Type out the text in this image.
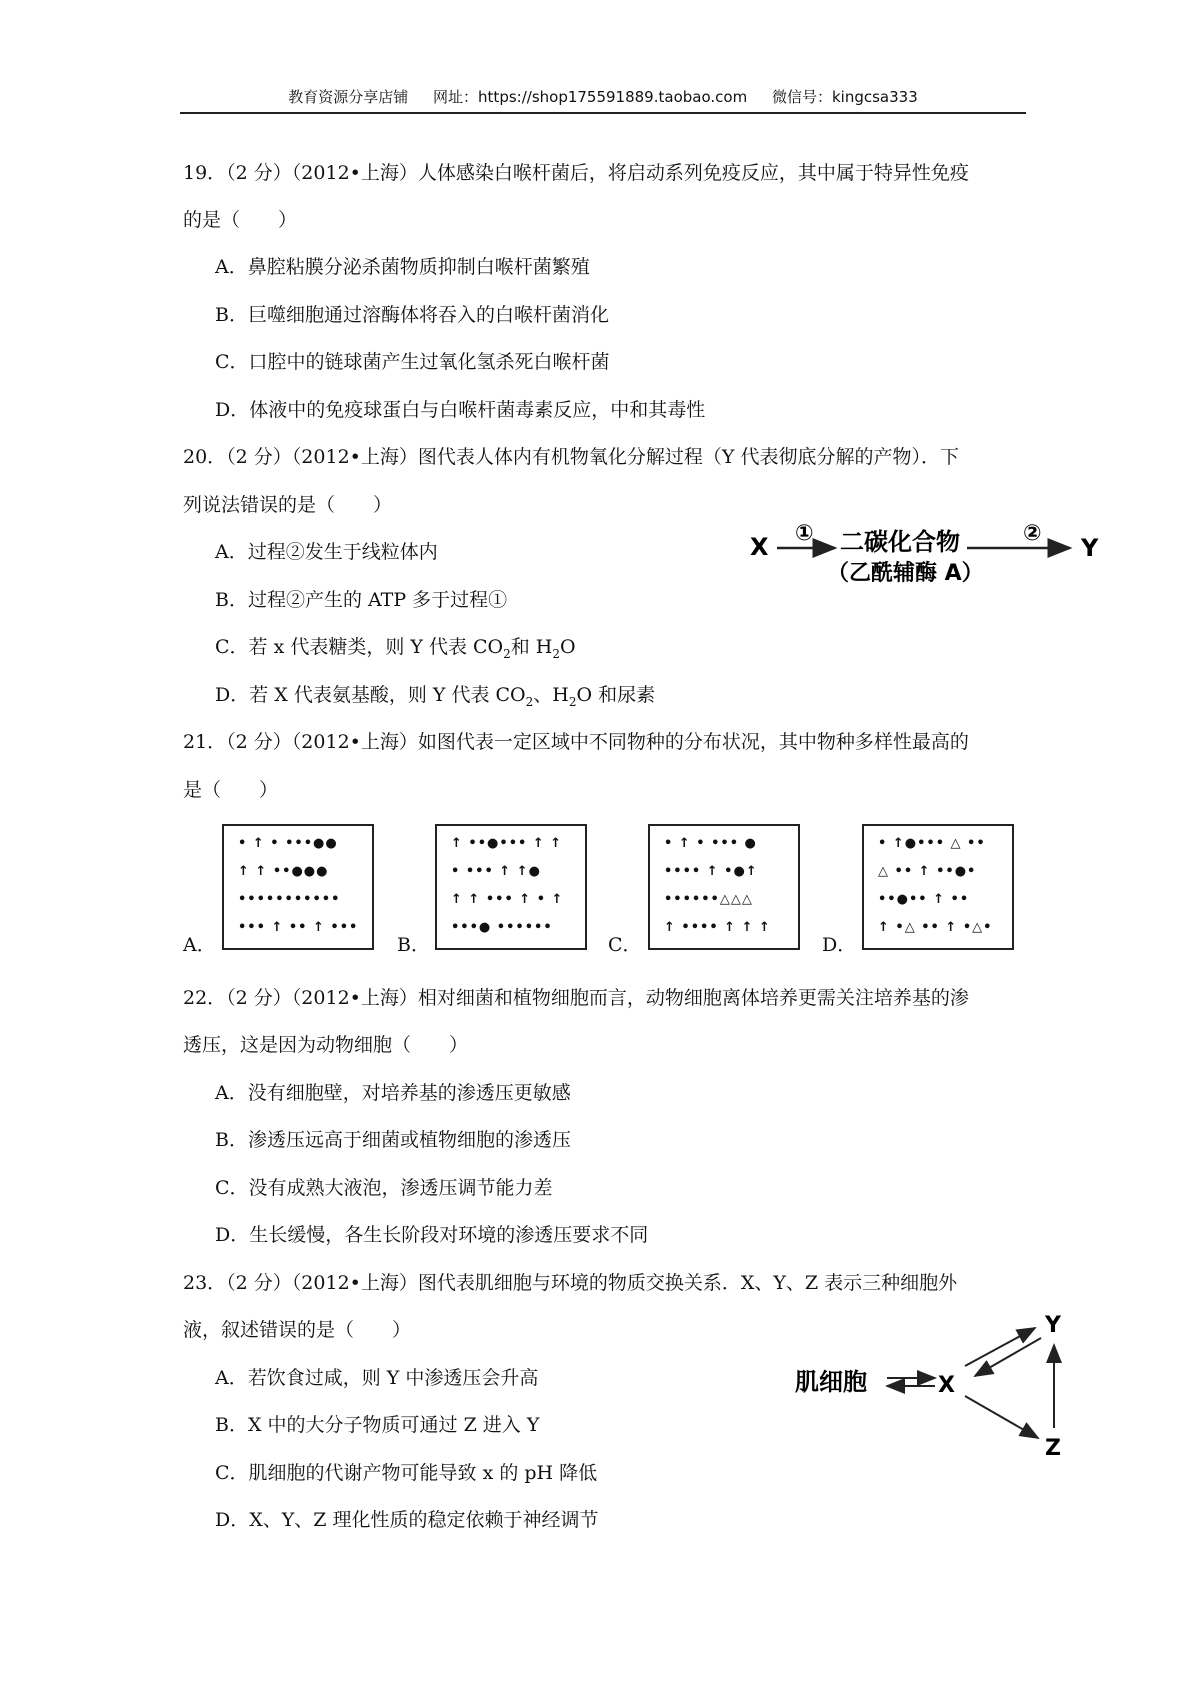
教育资源分享店铺 网址：https://shop175591889.taobao.com 微信号：kingcsa333
19．（2 分）（2012•上海）人体感染白喉杆菌后，将启动系列免疫反应，其中属于特异性免疫
的是（　　）
A．鼻腔粘膜分泌杀菌物质抑制白喉杆菌繁殖
B．巨噬细胞通过溶酶体将吞入的白喉杆菌消化
C．口腔中的链球菌产生过氧化氢杀死白喉杆菌
D．体液中的免疫球蛋白与白喉杆菌毒素反应，中和其毒性
20．（2 分）（2012•上海）图代表人体内有机物氧化分解过程（Y 代表彻底分解的产物）．下
列说法错误的是（　　）
A．过程②发生于线粒体内
B．过程②产生的 ATP 多于过程①
C．若 x 代表糖类，则 Y 代表 $CO_2$和 $H_2O$
D．若 X 代表氨基酸，则 Y 代表 $CO_2$、$H_2O$ 和尿素
X ① 二碳化合物
（乙酰辅酶 A）
②
Y
21．（2 分）（2012•上海）如图代表一定区域中不同物种的分布状况，其中物种多样性最高的
是（　　）
A．
• ↑ • •••●●
↑ ↑ ••●●●
•••••••••••
••• ↑ •• ↑ •••
B．
↑ ••●••• ↑ ↑
• ••• ↑ ↑●
↑ ↑ ••• ↑ • ↑
•••● ••••••
C．
• ↑ • ••• ●
•••• ↑ •●↑
••••••△△△
↑ •••• ↑ ↑ ↑
D．
• ↑●••• △ ••
△ •• ↑ ••●•
••●•• ↑ ••
↑ •△ •• ↑ •△•
22．（2 分）（2012•上海）相对细菌和植物细胞而言，动物细胞离体培养更需关注培养基的渗
透压，这是因为动物细胞（　　）
A．没有细胞壁，对培养基的渗透压更敏感
B．渗透压远高于细菌或植物细胞的渗透压
C．没有成熟大液泡，渗透压调节能力差
D．生长缓慢，各生长阶段对环境的渗透压要求不同
23．（2 分）（2012•上海）图代表肌细胞与环境的物质交换关系．X、Y、Z 表示三种细胞外
液，叙述错误的是（　　）
A．若饮食过咸，则 Y 中渗透压会升高
B．X 中的大分子物质可通过 Z 进入 Y
C．肌细胞的代谢产物可能导致 x 的 pH 降低
D．X、Y、Z 理化性质的稳定依赖于神经调节
肌细胞	X
Y
Z
